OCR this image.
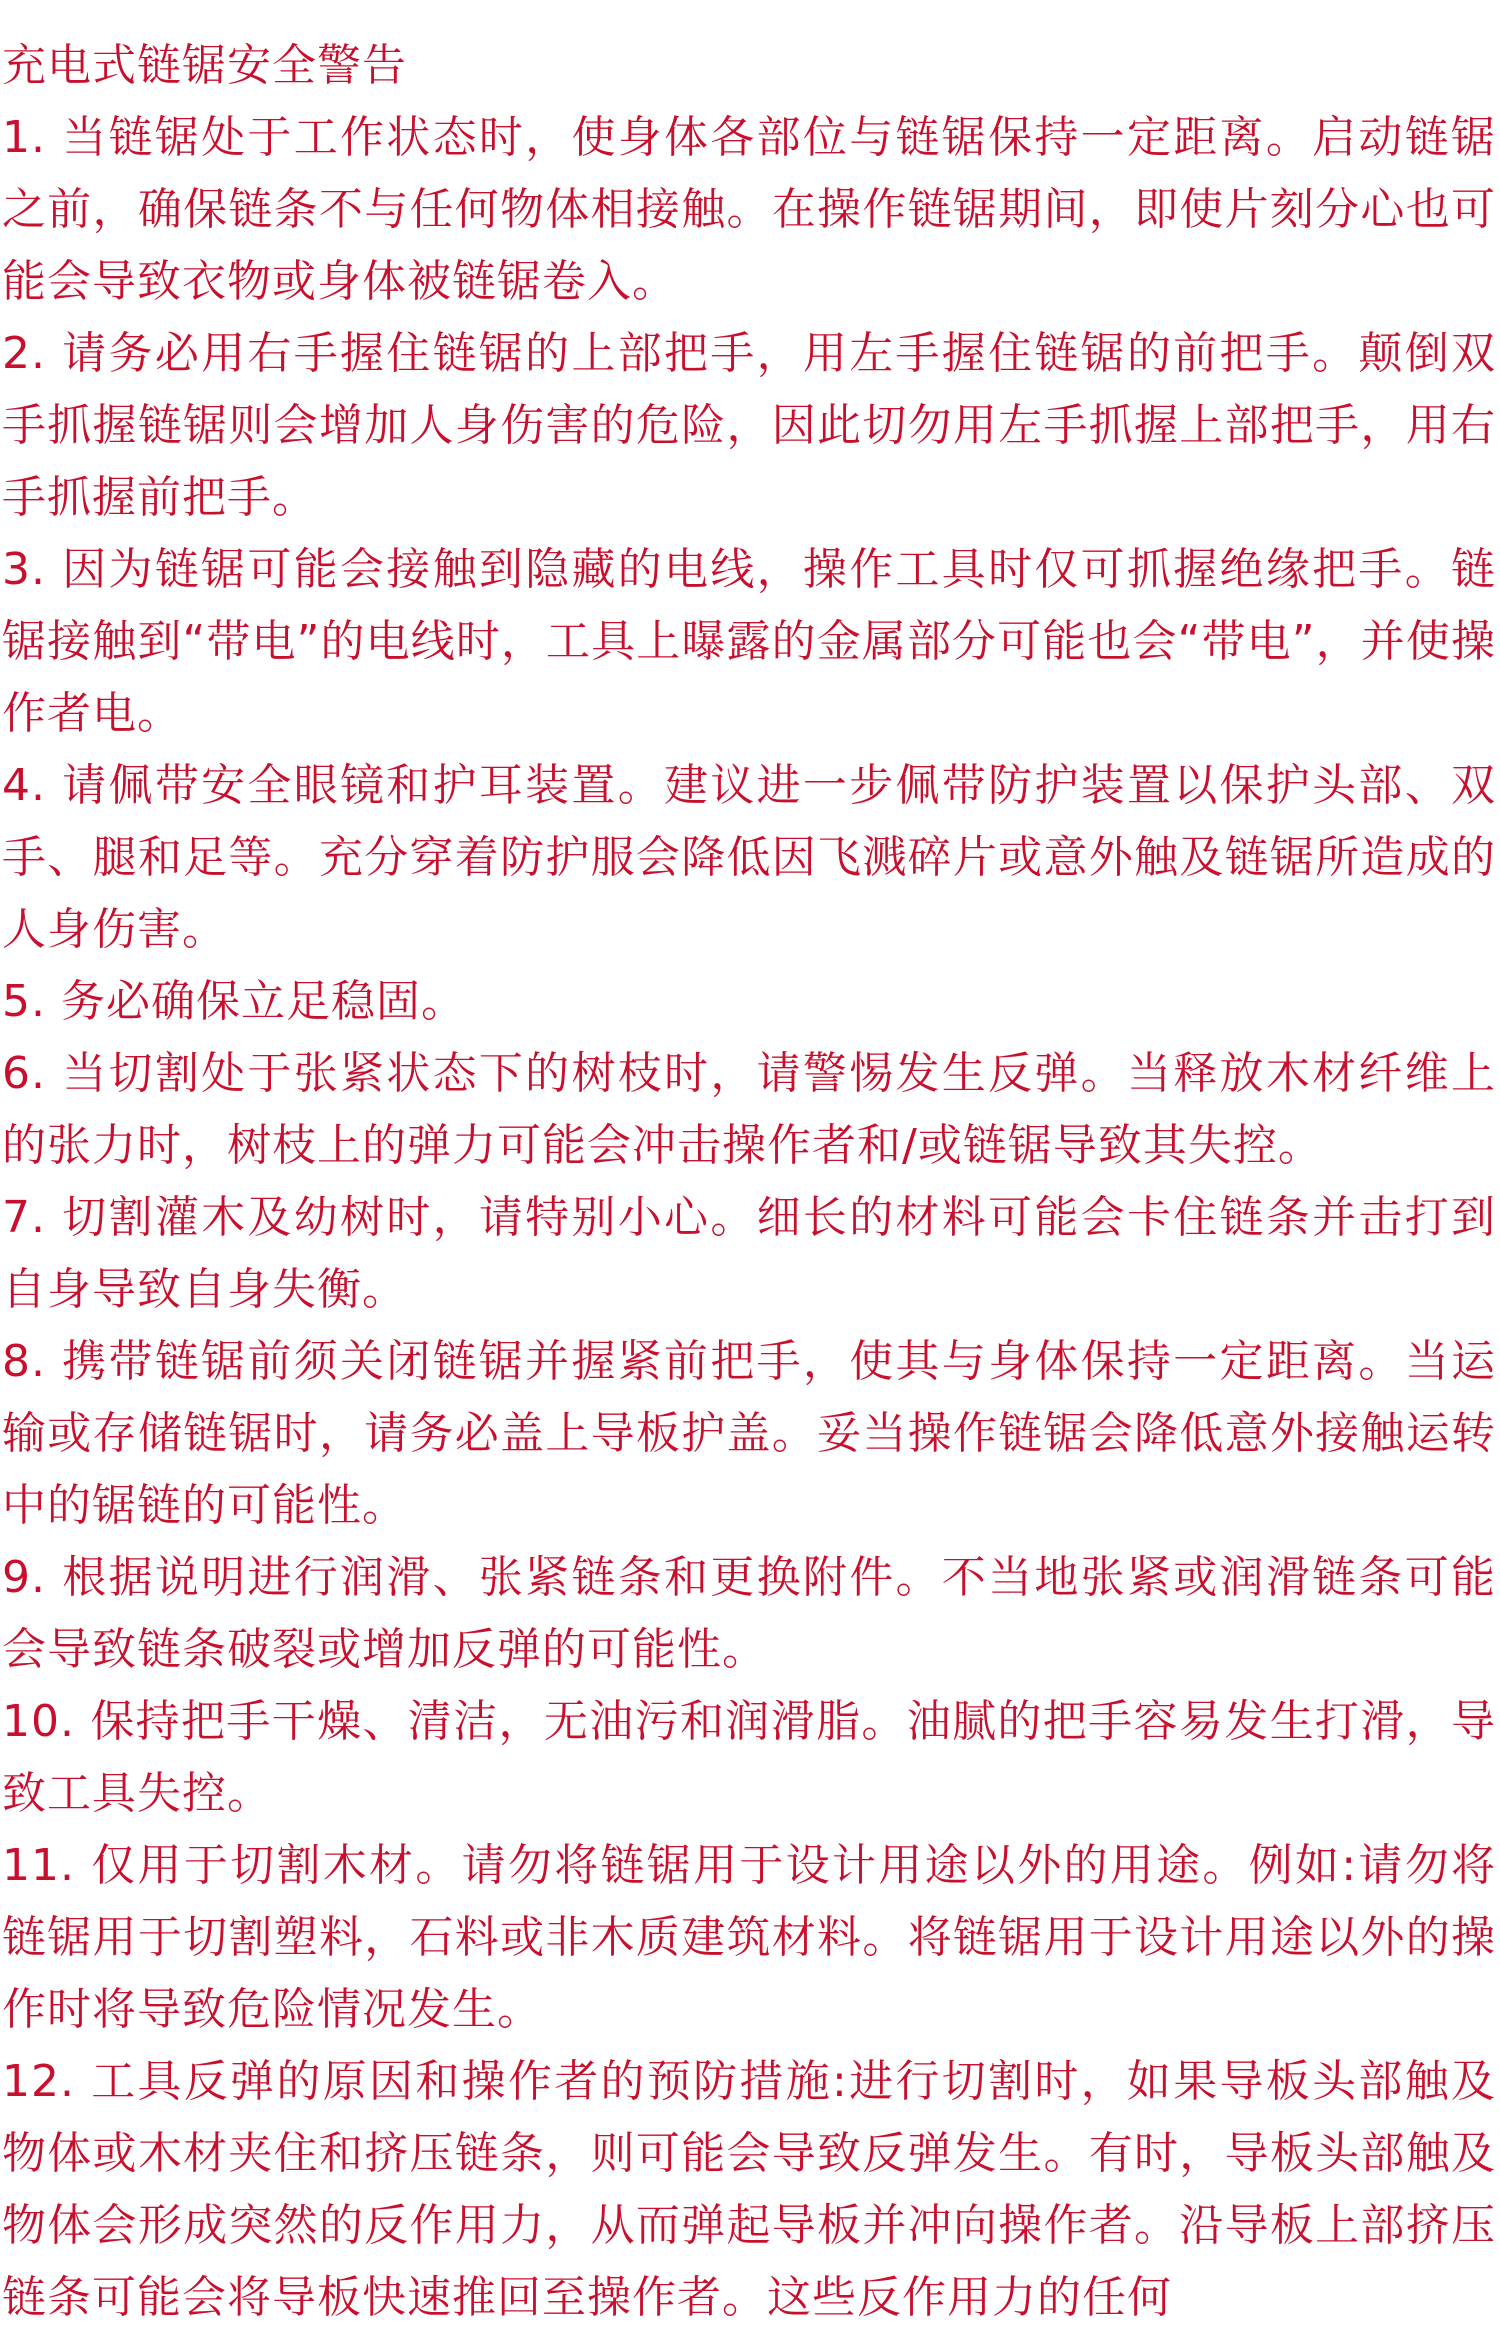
充电式链锯安全警告

1. 当链锯处于工作状态时，使身体各部位与链锯保持一定距离。启动链锯之前，确保链条不与任何物体相接触。在操作链锯期间，即使片刻分心也可能会导致衣物或身体被链锯卷入。

2. 请务必用右手握住链锯的上部把手，用左手握住链锯的前把手。颠倒双手抓握链锯则会增加人身伤害的危险，因此切勿用左手抓握上部把手，用右手抓握前把手。

3. 因为链锯可能会接触到隐藏的电线，操作工具时仅可抓握绝缘把手。链锯接触到“带电”的电线时，工具上曝露的金属部分可能也会“带电”，并使操作者电。

4. 请佩带安全眼镜和护耳装置。建议进一步佩带防护装置以保护头部、双手、腿和足等。充分穿着防护服会降低因飞溅碎片或意外触及链锯所造成的人身伤害。

5. 务必确保立足稳固。

6. 当切割处于张紧状态下的树枝时，请警惕发生反弹。当释放木材纤维上的张力时，树枝上的弹力可能会冲击操作者和/或链锯导致其失控。

7. 切割灌木及幼树时，请特别小心。细长的材料可能会卡住链条并击打到自身导致自身失衡。

8. 携带链锯前须关闭链锯并握紧前把手，使其与身体保持一定距离。当运输或存储链锯时，请务必盖上导板护盖。妥当操作链锯会降低意外接触运转中的锯链的可能性。

9. 根据说明进行润滑、张紧链条和更换附件。不当地张紧或润滑链条可能会导致链条破裂或增加反弹的可能性。

10. 保持把手干燥、清洁，无油污和润滑脂。油腻的把手容易发生打滑，导致工具失控。

11. 仅用于切割木材。请勿将链锯用于设计用途以外的用途。例如:请勿将链锯用于切割塑料，石料或非木质建筑材料。将链锯用于设计用途以外的操作时将导致危险情况发生。

12. 工具反弹的原因和操作者的预防措施:进行切割时，如果导板头部触及物体或木材夹住和挤压链条，则可能会导致反弹发生。有时，导板头部触及物体会形成突然的反作用力，从而弹起导板并冲向操作者。沿导板上部挤压链条可能会将导板快速推回至操作者。这些反作用力的任何
